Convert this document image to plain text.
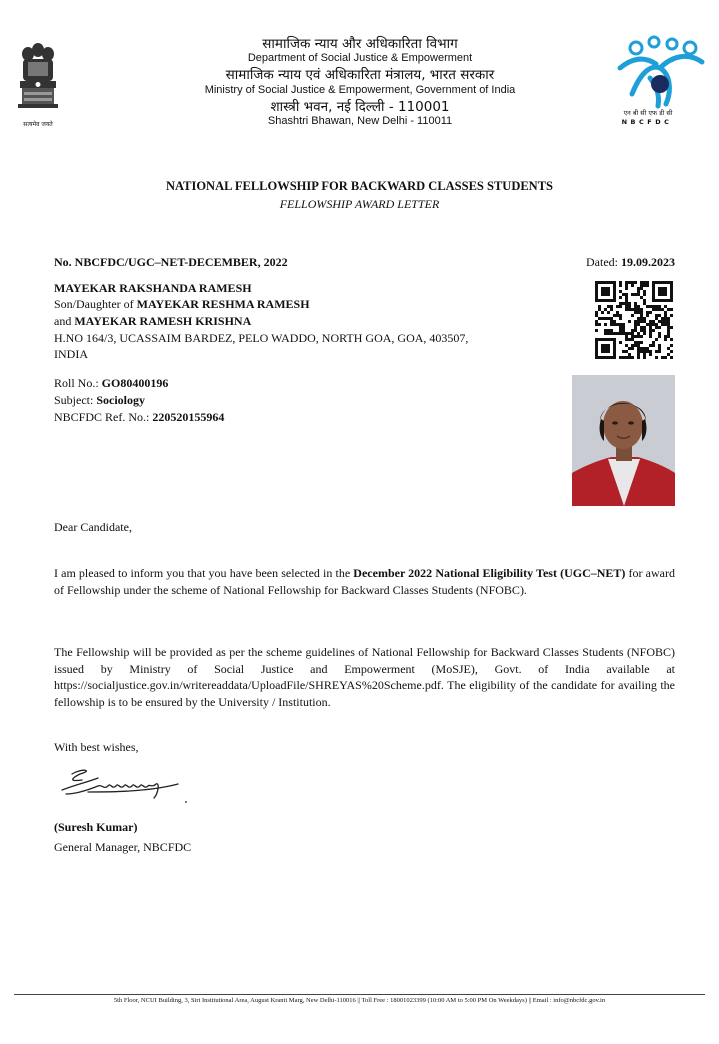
सत्यमेव जयते
सामाजिक न्याय और अधिकारिता विभाग
Department of Social Justice & Empowerment
सामाजिक न्याय एवं अधिकारिता मंत्रालय, भारत सरकार
Ministry of Social Justice & Empowerment, Government of India
शास्त्री भवन, नई दिल्ली - 110001
Shashtri Bhawan, New Delhi - 110011
एन बी सी एफ डी सी
NBCFDC
NATIONAL FELLOWSHIP FOR BACKWARD CLASSES STUDENTS
FELLOWSHIP AWARD LETTER
No. NBCFDC/UGC–NET-DECEMBER, 2022	Dated: 19.09.2023
MAYEKAR RAKSHANDA RAMESH
Son/Daughter of MAYEKAR RESHMA RAMESH
and MAYEKAR RAMESH KRISHNA
H.NO 164/3, UCASSAIM BARDEZ, PELO WADDO, NORTH GOA, GOA, 403507,
INDIA
Roll No.: GO80400196
Subject: Sociology
NBCFDC Ref. No.: 220520155964
Dear Candidate,
I am pleased to inform you that you have been selected in the December 2022 National Eligibility Test (UGC–NET) for award of Fellowship under the scheme of National Fellowship for Backward Classes Students (NFOBC).
The Fellowship will be provided as per the scheme guidelines of National Fellowship for Backward Classes Students (NFOBC) issued by Ministry of Social Justice and Empowerment (MoSJE), Govt. of India available at https://socialjustice.gov.in/writereaddata/UploadFile/SHREYAS%20Scheme.pdf. The eligibility of the candidate for availing the fellowship is to be ensured by the University / Institution.
With best wishes,
(Suresh Kumar)
General Manager, NBCFDC
5th Floor, NCUI Building, 3, Siri Institutional Area, August Kranti Marg, New Delhi-110016 || Toll Free : 18001023399 (10:00 AM to 5:00 PM On Weekdays) || Email : info@nbcfdc.gov.in
